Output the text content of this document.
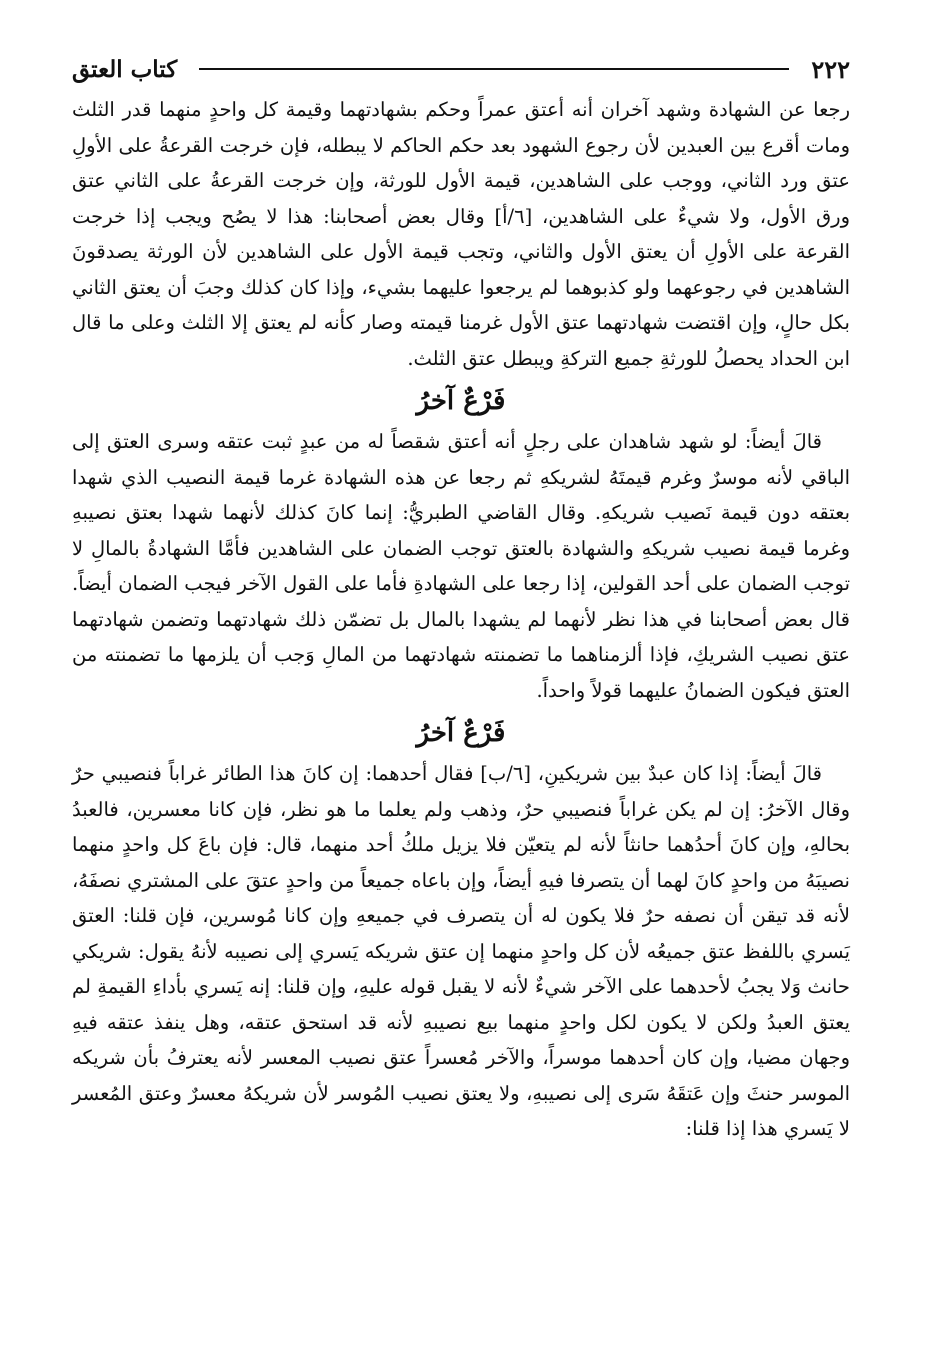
٢٢٢
كتاب العتق

رجعا عن الشهادة وشهد آخران أنه أعتق عمراً وحكم بشهادتهما وقيمة كل واحدٍ منهما قدر الثلث ومات أقرع بين العبدين لأن رجوع الشهود بعد حكم الحاكم لا يبطله، فإن خرجت القرعةُ على الأولِ عتق ورد الثاني، ووجب على الشاهدين، قيمة الأول للورثة، وإن خرجت القرعةُ على الثاني عتق ورق الأول، ولا شيءٌ على الشاهدين، [٦/أ] وقال بعض أصحابنا: هذا لا يصُح ويجب إذا خرجت القرعة على الأولِ أن يعتق الأول والثاني، وتجب قيمة الأول على الشاهدين لأن الورثة يصدقونَ الشاهدين في رجوعهما ولو كذبوهما لم يرجعوا عليهما بشيء، وإذا كان كذلك وجبَ أن يعتق الثاني بكل حالٍ، وإن اقتضت شهادتهما عتق الأول غرمنا قيمته وصار كأنه لم يعتق إلا الثلث وعلى ما قال ابن الحداد يحصلُ للورثةِ جميع التركةِ ويبطل عتق الثلث.

فَرْعٌ آخرُ

قالَ أيضاً: لو شهد شاهدان على رجلٍ أنه أعتق شقصاً له من عبدٍ ثبت عتقه وسرى العتق إلى الباقي لأنه موسرٌ وغرم قيمتَهُ لشريكهِ ثم رجعا عن هذه الشهادة غرما قيمة النصيب الذي شهدا بعتقه دون قيمة نَصيب شريكهِ. وقال القاضي الطبريُّ: إنما كانَ كذلك لأنهما شهدا بعتق نصيبهِ وغرما قيمة نصيب شريكهِ والشهادة بالعتق توجب الضمان على الشاهدين فأمَّا الشهادةُ بالمالِ لا توجب الضمان على أحد القولين، إذا رجعا على الشهادةِ فأما على القول الآخر فيجب الضمان أيضاً. قال بعض أصحابنا في هذا نظر لأنهما لم يشهدا بالمال بل تضمّن ذلك شهادتهما وتضمن شهادتهما عتق نصيب الشريكِ، فإذا ألزمناهما ما تضمنته شهادتهما من المالِ وَجب أن يلزمها ما تضمنته من العتق فيكون الضمانُ عليهما قولاً واحداً.

فَرْعٌ آخرُ

قالَ أيضاً: إذا كان عبدٌ بين شريكينِ، [٦/ب] فقال أحدهما: إن كانَ هذا الطائر غراباً فنصيبي حرٌ وقال الآخرُ: إن لم يكن غراباً فنصيبي حرٌ، وذهب ولم يعلما ما هو نظر، فإن كانا معسرين، فالعبدُ بحالهِ، وإن كانَ أحدُهما حانثاً لأنه لم يتعيّن فلا يزيل ملكُ أحد منهما، قال: فإن باعَ كل واحدٍ منهما نصيبَهُ من واحدٍ كانَ لهما أن يتصرفا فيهِ أيضاً، وإن باعاه جميعاً من واحدٍ عتقَ على المشتري نصفَهُ، لأنه قد تيقن أن نصفه حرٌ فلا يكون له أن يتصرف في جميعهِ وإن كانا مُوسرين، فإن قلنا: العتق يَسري باللفظ عتق جميعُه لأن كل واحدٍ منهما إن عتق شريكه يَسري إلى نصيبه لأنهُ يقول: شريكي حانث وَلا يجبُ لأحدهما على الآخر شيءٌ لأنه لا يقبل قوله عليهِ، وإن قلنا: إنه يَسري بأداءِ القيمةِ لم يعتق العبدُ ولكن لا يكون لكل واحدٍ منهما بيع نصيبهِ لأنه قد استحق عتقه، وهل ينفذ عتقه فيهِ وجهان مضيا، وإن كان أحدهما موسراً، والآخر مُعسراً عتق نصيب المعسر لأنه يعترفُ بأن شريكه الموسر حنثَ وإن عَتقَهُ سَرى إلى نصيبهِ، ولا يعتق نصيب المُوسر لأن شريكهُ معسرٌ وعتق المُعسر لا يَسري هذا إذا قلنا:
